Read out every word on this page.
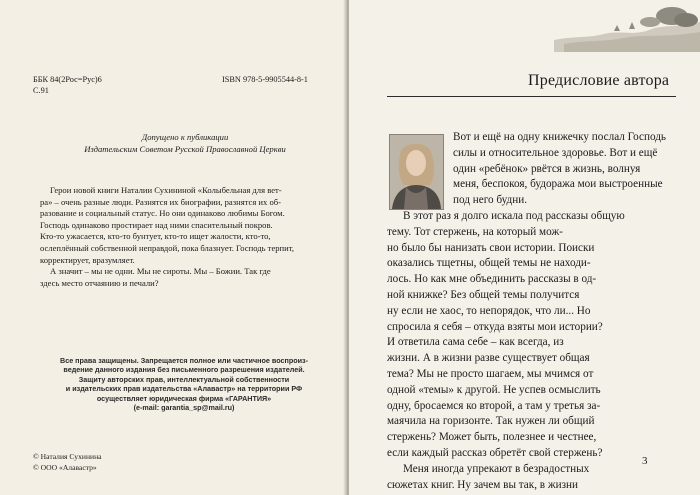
ББК 84(2Рос=Рус)6
С.91
ISBN 978-5-9905544-8-1
Допущено к публикации
Издательским Советом Русской Православной Церкви
Герои новой книги Наталии Сухининой «Колыбельная для вет-
ра» – очень разные люди. Разнятся их биографии, разнятся их об-
разование и социальный статус. Но они одинаково любимы Богом.
Господь одинаково простирает над ними спасительный покров.
Кто-то ужасается, кто-то бунтует, кто-то ищет жалости, кто-то,
ослеплённый собственной неправдой, пока блазнует. Господь терпит,
корректирует, вразумляет.
А значит – мы не одни. Мы не сироты. Мы – Божии. Так где
здесь место отчаянию и печали?
Все права защищены. Запрещается полное или частичное воспроиз-
ведение данного издания без письменного разрешения издателей.
Защиту авторских прав, интеллектуальной собственности
и издательских прав издательства «Алавастр» на территории РФ
осуществляет юридическая фирма «ГАРАНТИЯ»
(e-mail: garantia_sp@mail.ru)
© Наталия Сухинина
© ООО «Алавастр»
Предисловие автора

Вот и ещё на одну книжечку послал Господь

силы и относительное здоровье. Вот и ещё

один «ребёнок» рвётся в жизнь, волнуя

меня, беспокоя, будоража мои выстроенные

под него будни.

В этот раз я долго искала под рассказы общую

тему. Тот стержень, на который мож-

но было бы нанизать свои истории. Поиски

оказались тщетны, общей темы не находи-

лось. Но как мне объединить рассказы в од-

ной книжке? Без общей темы получится

ну если не хаос, то непорядок, что ли... Но

спросила я себя – откуда взяты мои истории?

И ответила сама себе – как всегда, из

жизни. А в жизни разве существует общая

тема? Мы не просто шагаем, мы мчимся от

одной «темы» к другой. Не успев осмыслить

одну, бросаемся ко второй, а там у третья за-

маячила на горизонте. Так нужен ли общий

стержень? Может быть, полезнее и честнее,

если каждый рассказ обретёт свой стержень?

Меня иногда упрекают в безрадостных

сюжетах книг. Ну зачем вы так, в жизни

3
